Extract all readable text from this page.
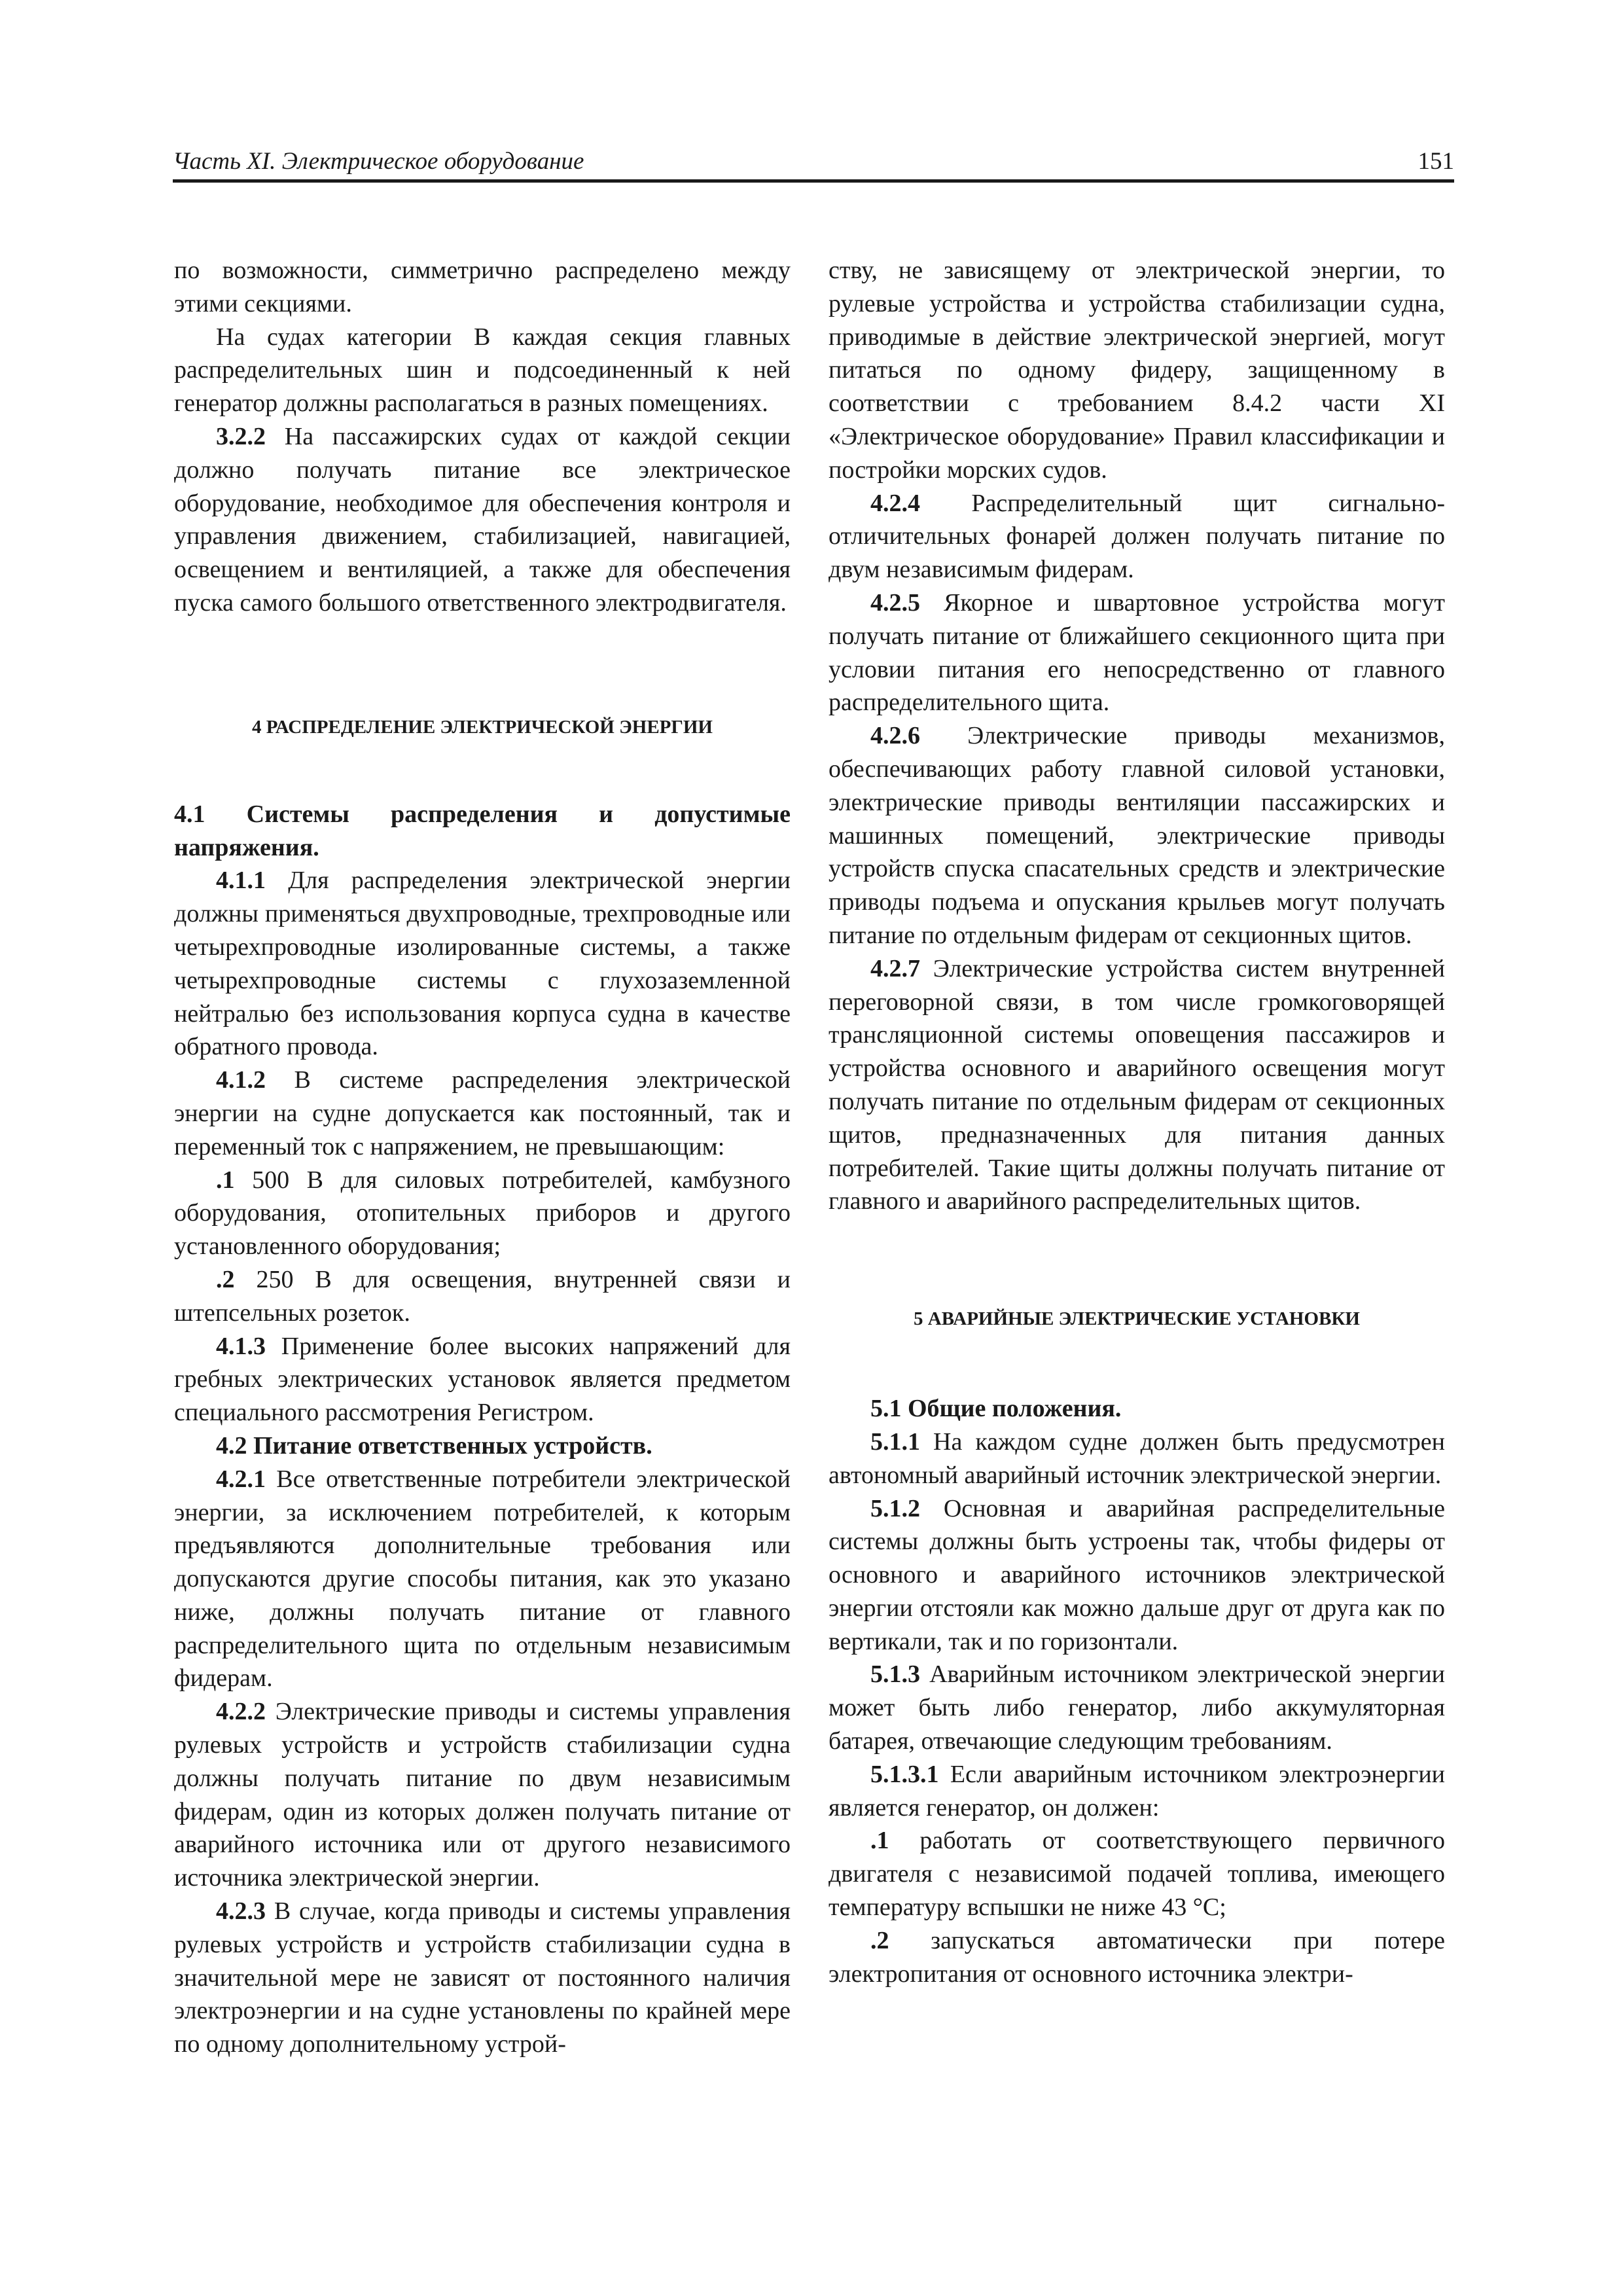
Часть XI. Электрическое оборудование	151

по возможности, симметрично распределено между этими секциями.

На судах категории B каждая секция главных распределительных шин и подсоединенный к ней генератор должны располагаться в разных помещениях.

3.2.2 На пассажирских судах от каждой секции должно получать питание все электрическое оборудование, необходимое для обеспечения контроля и управления движением, стабилизацией, навигацией, освещением и вентиляцией, а также для обеспечения пуска самого большого ответственного электродвигателя.

4 РАСПРЕДЕЛЕНИЕ ЭЛЕКТРИЧЕСКОЙ ЭНЕРГИИ

4.1 Системы распределения и допустимые напряжения.

4.1.1 Для распределения электрической энергии должны применяться двухпроводные, трехпроводные или четырехпроводные изолированные системы, а также четырехпроводные системы с глухозаземленной нейтралью без использования корпуса судна в качестве обратного провода.

4.1.2 В системе распределения электрической энергии на судне допускается как постоянный, так и переменный ток с напряжением, не превышающим:

.1 500 В для силовых потребителей, камбузного оборудования, отопительных приборов и другого установленного оборудования;

.2 250 В для освещения, внутренней связи и штепсельных розеток.

4.1.3 Применение более высоких напряжений для гребных электрических установок является предметом специального рассмотрения Регистром.

4.2 Питание ответственных устройств.

4.2.1 Все ответственные потребители электрической энергии, за исключением потребителей, к которым предъявляются дополнительные требования или допускаются другие способы питания, как это указано ниже, должны получать питание от главного распределительного щита по отдельным независимым фидерам.

4.2.2 Электрические приводы и системы управления рулевых устройств и устройств стабилизации судна должны получать питание по двум независимым фидерам, один из которых должен получать питание от аварийного источника или от другого независимого источника электрической энергии.

4.2.3 В случае, когда приводы и системы управления рулевых устройств и устройств стабилизации судна в значительной мере не зависят от постоянного наличия электроэнергии и на судне установлены по крайней мере по одному дополнительному устрой-

ству, не зависящему от электрической энергии, то рулевые устройства и устройства стабилизации судна, приводимые в действие электрической энергией, могут питаться по одному фидеру, защищенному в соответствии с требованием 8.4.2 части XI «Электрическое оборудование» Правил классификации и постройки морских судов.

4.2.4 Распределительный щит сигнально-отличительных фонарей должен получать питание по двум независимым фидерам.

4.2.5 Якорное и швартовное устройства могут получать питание от ближайшего секционного щита при условии питания его непосредственно от главного распределительного щита.

4.2.6 Электрические приводы механизмов, обеспечивающих работу главной силовой установки, электрические приводы вентиляции пассажирских и машинных помещений, электрические приводы устройств спуска спасательных средств и электрические приводы подъема и опускания крыльев могут получать питание по отдельным фидерам от секционных щитов.

4.2.7 Электрические устройства систем внутренней переговорной связи, в том числе громкоговорящей трансляционной системы оповещения пассажиров и устройства основного и аварийного освещения могут получать питание по отдельным фидерам от секционных щитов, предназначенных для питания данных потребителей. Такие щиты должны получать питание от главного и аварийного распределительных щитов.

5 АВАРИЙНЫЕ ЭЛЕКТРИЧЕСКИЕ УСТАНОВКИ

5.1 Общие положения.

5.1.1 На каждом судне должен быть предусмотрен автономный аварийный источник электрической энергии.

5.1.2 Основная и аварийная распределительные системы должны быть устроены так, чтобы фидеры от основного и аварийного источников электрической энергии отстояли как можно дальше друг от друга как по вертикали, так и по горизонтали.

5.1.3 Аварийным источником электрической энергии может быть либо генератор, либо аккумуляторная батарея, отвечающие следующим требованиям.

5.1.3.1 Если аварийным источником электроэнергии является генератор, он должен:

.1 работать от соответствующего первичного двигателя с независимой подачей топлива, имеющего температуру вспышки не ниже 43 °С;

.2 запускаться автоматически при потере электропитания от основного источника электри-
